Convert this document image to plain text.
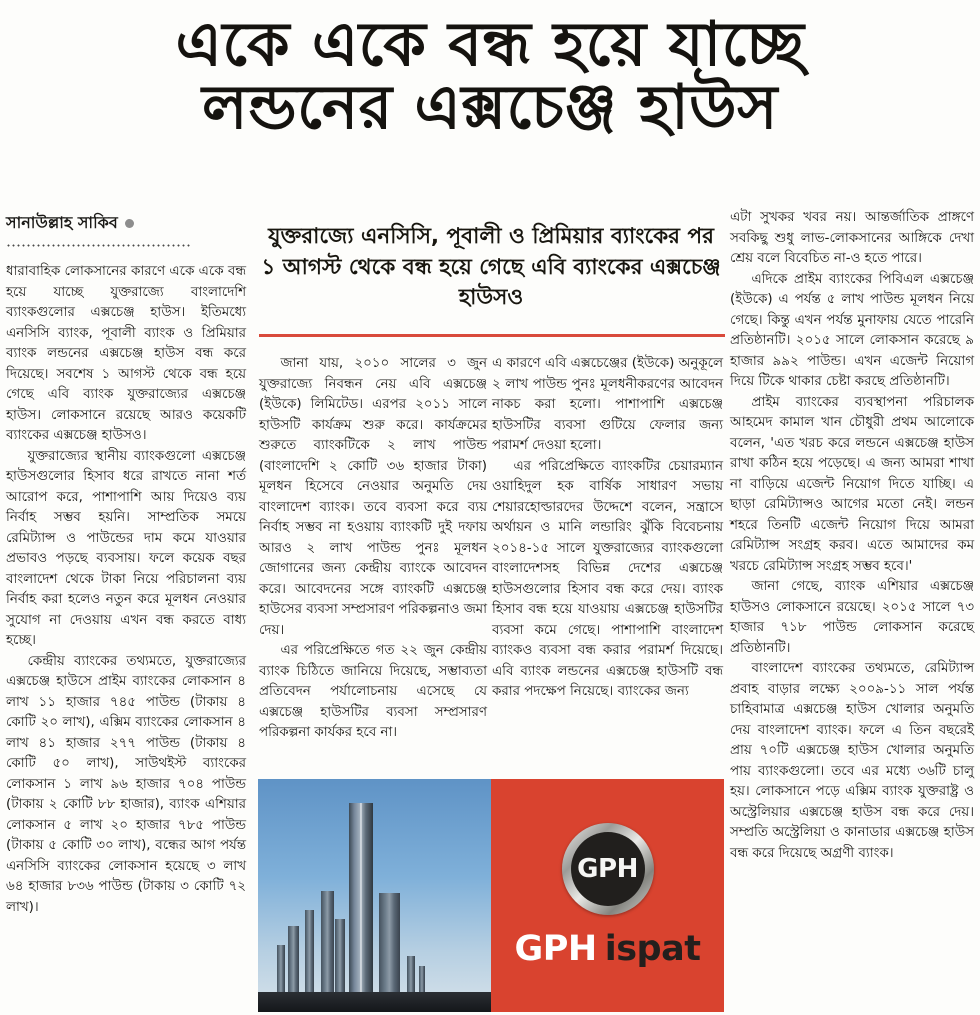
একে একে বন্ধ হয়ে যাচ্ছে
লন্ডনের এক্সচেঞ্জ হাউস
সানাউল্লাহ সাকিব
যুক্তরাজ্যে এনসিসি, পূবালী ও প্রিমিয়ার ব্যাংকের পর ১ আগস্ট থেকে বন্ধ হয়ে গেছে এবি ব্যাংকের এক্সচেঞ্জ হাউসও

ধারাবাহিক লোকসানের কারণে একে একে বন্ধ হয়ে যাচ্ছে যুক্তরাজ্যে বাংলাদেশি ব্যাংকগুলোর এক্সচেঞ্জ হাউস। ইতিমধ্যে এনসিসি ব্যাংক, পূবালী ব্যাংক ও প্রিমিয়ার ব্যাংক লন্ডনের এক্সচেঞ্জ হাউস বন্ধ করে দিয়েছে। সবশেষ ১ আগস্ট থেকে বন্ধ হয়ে গেছে এবি ব্যাংক যুক্তরাজ্যের এক্সচেঞ্জ হাউস। লোকসানে রয়েছে আরও কয়েকটি ব্যাংকের এক্সচেঞ্জ হাউসও।

যুক্তরাজ্যের স্থানীয় ব্যাংকগুলো এক্সচেঞ্জ হাউসগুলোর হিসাব ধরে রাখতে নানা শর্ত আরোপ করে, পাশাপাশি আয় দিয়েও ব্যয় নির্বাহ সম্ভব হয়নি। সাম্প্রতিক সময়ে রেমিট্যান্স ও পাউন্ডের দাম কমে যাওয়ার প্রভাবও পড়ছে ব্যবসায়। ফলে কয়েক বছর বাংলাদেশ থেকে টাকা নিয়ে পরিচালনা ব্যয় নির্বাহ করা হলেও নতুন করে মূলধন নেওয়ার সুযোগ না দেওয়ায় এখন বন্ধ করতে বাধ্য হচ্ছে।

কেন্দ্রীয় ব্যাংকের তথ্যমতে, যুক্তরাজ্যের এক্সচেঞ্জ হাউসে প্রাইম ব্যাংকের লোকসান ৪ লাখ ১১ হাজার ৭৪৫ পাউন্ড (টাকায় ৪ কোটি ২০ লাখ), এক্সিম ব্যাংকের লোকসান ৪ লাখ ৪১ হাজার ২৭৭ পাউন্ড (টাকায় ৪ কোটি ৫০ লাখ), সাউথইস্ট ব্যাংকের লোকসান ১ লাখ ৯৬ হাজার ৭০৪ পাউন্ড (টাকায় ২ কোটি ৮৮ হাজার), ব্যাংক এশিয়ার লোকসান ৫ লাখ ২০ হাজার ৭৮৫ পাউন্ড (টাকায় ৫ কোটি ৩০ লাখ), বন্ধের আগ পর্যন্ত এনসিসি ব্যাংকের লোকসান হয়েছে ৩ লাখ ৬৪ হাজার ৮৩৬ পাউন্ড (টাকায় ৩ কোটি ৭২ লাখ)।

জানা যায়, ২০১০ সালের ৩ জুন যুক্তরাজ্যে নিবন্ধন নেয় এবি এক্সচেঞ্জ (ইউকে) লিমিটেড। এরপর ২০১১ সালে হাউসটি কার্যক্রম শুরু করে। কার্যক্রমের শুরুতে ব্যাংকটিকে ২ লাখ পাউন্ড (বাংলাদেশি ২ কোটি ৩৬ হাজার টাকা) মূলধন হিসেবে নেওয়ার অনুমতি দেয় বাংলাদেশ ব্যাংক। তবে ব্যবসা করে ব্যয় নির্বাহ সম্ভব না হওয়ায় ব্যাংকটি দুই দফায় আরও ২ লাখ পাউন্ড পুনঃ মূলধন জোগানের জন্য কেন্দ্রীয় ব্যাংকে আবেদন করে। আবেদনের সঙ্গে ব্যাংকটি এক্সচেঞ্জ হাউসের ব্যবসা সম্প্রসারণ পরিকল্পনাও জমা দেয়।

এর পরিপ্রেক্ষিতে গত ২২ জুন কেন্দ্রীয় ব্যাংক চিঠিতে জানিয়ে দিয়েছে, সম্ভাব্যতা প্রতিবেদন পর্যালোচনায় এসেছে যে এক্সচেঞ্জ হাউসটির ব্যবসা সম্প্রসারণ পরিকল্পনা কার্যকর হবে না।

এ কারণে এবি এক্সচেঞ্জের (ইউকে) অনুকূলে ২ লাখ পাউন্ড পুনঃ মূলধনীকরণের আবেদন নাকচ করা হলো। পাশাপাশি এক্সচেঞ্জ হাউসটির ব্যবসা গুটিয়ে ফেলার জন্য পরামর্শ দেওয়া হলো।

এর পরিপ্রেক্ষিতে ব্যাংকটির চেয়ারম্যান ওয়াহিদুল হক বার্ষিক সাধারণ সভায় শেয়ারহোল্ডারদের উদ্দেশে বলেন, সন্ত্রাসে অর্থায়ন ও মানি লন্ডারিং ঝুঁকি বিবেচনায় ২০১৪-১৫ সালে যুক্তরাজ্যের ব্যাংকগুলো বাংলাদেশসহ বিভিন্ন দেশের এক্সচেঞ্জ হাউসগুলোর হিসাব বন্ধ করে দেয়। ব্যাংক হিসাব বন্ধ হয়ে যাওয়ায় এক্সচেঞ্জ হাউসটির ব্যবসা কমে গেছে। পাশাপাশি বাংলাদেশ ব্যাংকও ব্যবসা বন্ধ করার পরামর্শ দিয়েছে। এবি ব্যাংক লন্ডনের এক্সচেঞ্জ হাউসটি বন্ধ করার পদক্ষেপ নিয়েছে। ব্যাংকের জন্য

এটা সুখকর খবর নয়। আন্তর্জাতিক প্রাঙ্গণে সবকিছু শুধু লাভ-লোকসানের আঙ্গিকে দেখা শ্রেয় বলে বিবেচিত না-ও হতে পারে।

এদিকে প্রাইম ব্যাংকের পিবিএল এক্সচেঞ্জ (ইউকে) এ পর্যন্ত ৫ লাখ পাউন্ড মূলধন নিয়ে গেছে। কিন্তু এখন পর্যন্ত মুনাফায় যেতে পারেনি প্রতিষ্ঠানটি। ২০১৫ সালে লোকসান করেছে ৯ হাজার ৯৯২ পাউন্ড। এখন এজেন্ট নিয়োগ দিয়ে টিকে থাকার চেষ্টা করছে প্রতিষ্ঠানটি।

প্রাইম ব্যাংকের ব্যবস্থাপনা পরিচালক আহমেদ কামাল খান চৌধুরী প্রথম আলোকে বলেন, 'এত খরচ করে লন্ডনে এক্সচেঞ্জ হাউস রাখা কঠিন হয়ে পড়েছে। এ জন্য আমরা শাখা না বাড়িয়ে এজেন্ট নিয়োগ দিতে যাচ্ছি। এ ছাড়া রেমিট্যান্সও আগের মতো নেই। লন্ডন শহরে তিনটি এজেন্ট নিয়োগ দিয়ে আমরা রেমিট্যান্স সংগ্রহ করব। এতে আমাদের কম খরচে রেমিট্যান্স সংগ্রহ সম্ভব হবে।'

জানা গেছে, ব্যাংক এশিয়ার এক্সচেঞ্জ হাউসও লোকসানে রয়েছে। ২০১৫ সালে ৭৩ হাজার ৭১৮ পাউন্ড লোকসান করেছে প্রতিষ্ঠানটি।

বাংলাদেশ ব্যাংকের তথ্যমতে, রেমিট্যান্স প্রবাহ বাড়ার লক্ষ্যে ২০০৯-১১ সাল পর্যন্ত চাহিবামাত্র এক্সচেঞ্জ হাউস খোলার অনুমতি দেয় বাংলাদেশ ব্যাংক। ফলে এ তিন বছরেই প্রায় ৭০টি এক্সচেঞ্জ হাউস খোলার অনুমতি পায় ব্যাংকগুলো। তবে এর মধ্যে ৩৬টি চালু হয়। লোকসানে পড়ে এক্সিম ব্যাংক যুক্তরাষ্ট্র ও অস্ট্রেলিয়ার এক্সচেঞ্জ হাউস বন্ধ করে দেয়। সম্প্রতি অস্ট্রেলিয়া ও কানাডার এক্সচেঞ্জ হাউস বন্ধ করে দিয়েছে অগ্রণী ব্যাংক।

GPH
GPH ispat
